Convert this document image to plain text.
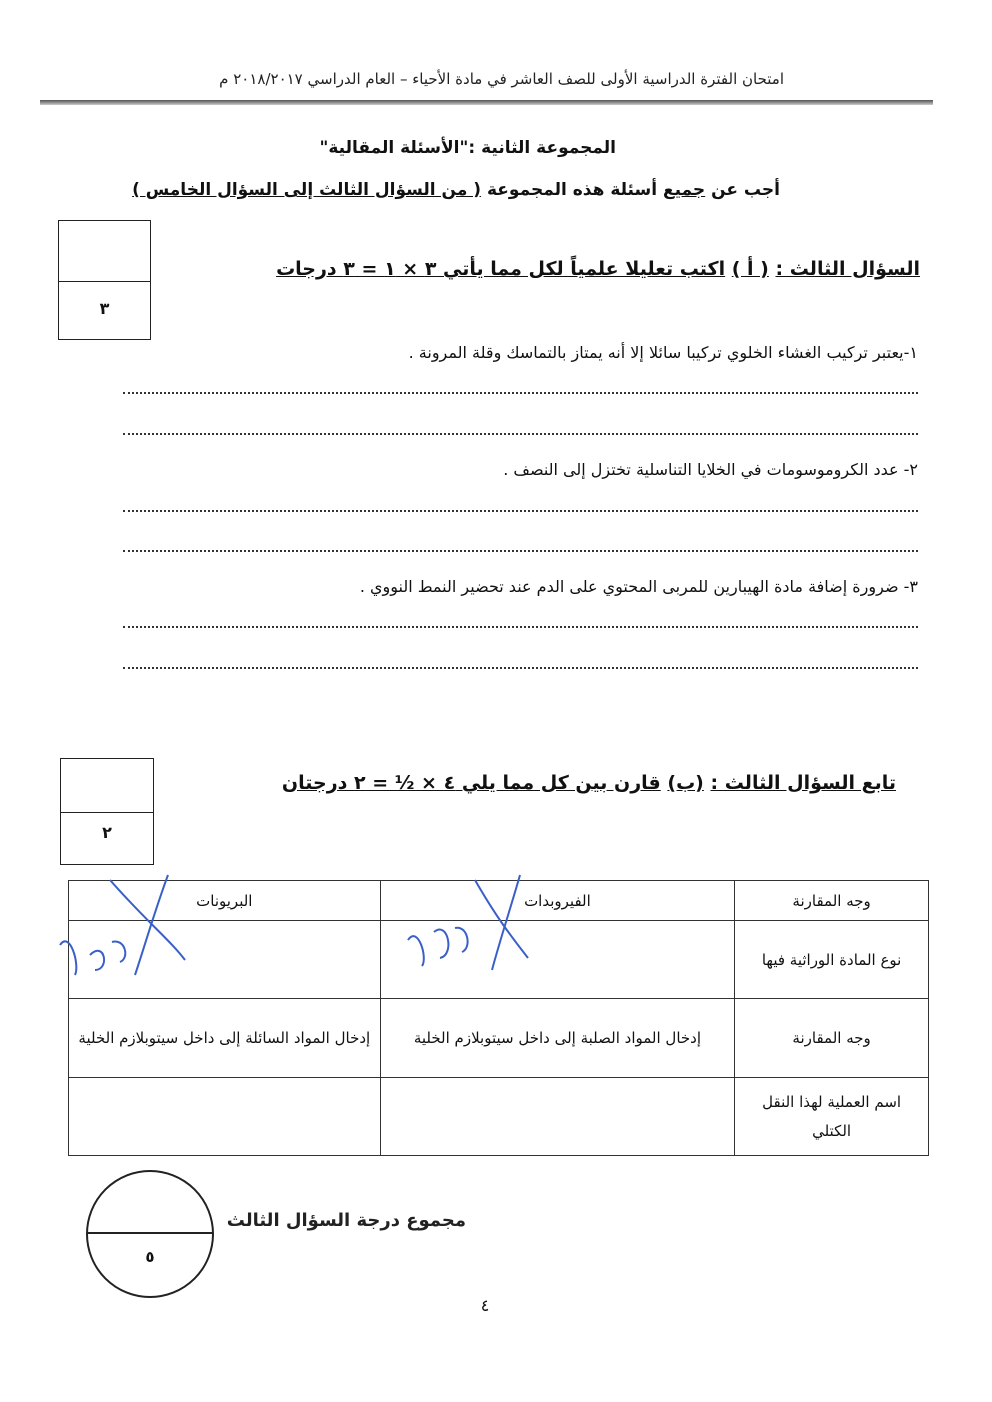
امتحان الفترة الدراسية الأولى للصف العاشر في مادة الأحياء – العام الدراسي ٢٠١٨/٢٠١٧ م
المجموعة الثانية :"الأسئلة المقالية"
أجب عن جميع أسئلة هذه المجموعة ( من السؤال الثالث إلى السؤال الخامس )
٣
السؤال الثالث : ( أ ) اكتب تعليلا علمياً لكل مما يأتي ٣ × ١ = ٣ درجات
١-يعتبر تركيب الغشاء الخلوي تركيبا سائلا إلا أنه يمتاز بالتماسك وقلة المرونة .
٢- عدد الكروموسومات في الخلايا التناسلية تختزل إلى النصف .
٣- ضرورة إضافة مادة الهيبارين للمربى المحتوي على الدم عند تحضير النمط النووي .
٢
تابع السؤال الثالث : (ب) قارن بين كل مما يلي ٤ × ½ = ٢ درجتان
وجه المقارنة	الفيروبدات	البريونات
نوع المادة الوراثية فيها		
وجه المقارنة	إدخال المواد الصلبة إلى داخل سيتوبلازم الخلية	إدخال المواد السائلة إلى داخل سيتوبلازم الخلية
اسم العملية لهذا النقل الكتلي		
٥
مجموع درجة السؤال الثالث
٤
